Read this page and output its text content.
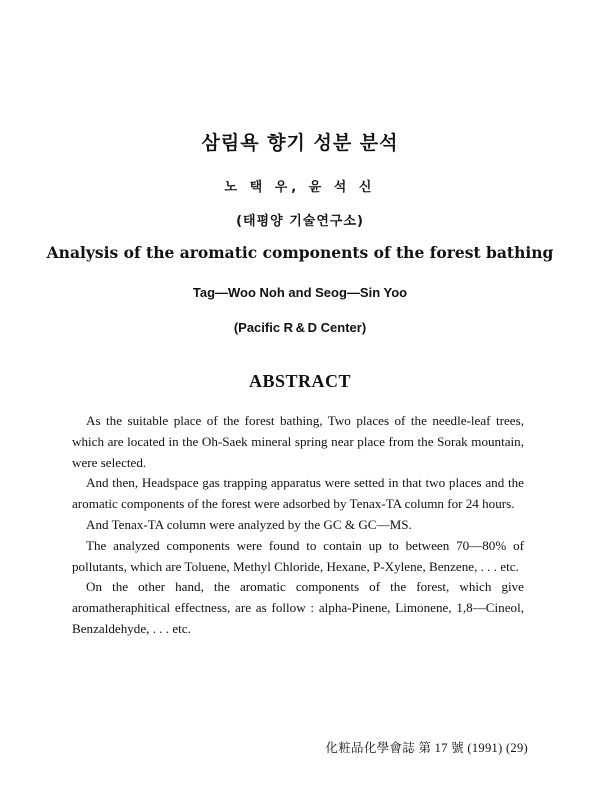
삼림욕 향기 성분 분석
노 택 우, 윤 석 신
(태평양 기술연구소)
Analysis of the aromatic components of the forest bathing
Tag—Woo Noh and Seog—Sin Yoo
(Pacific R & D Center)
ABSTRACT

As the suitable place of the forest bathing, Two places of the needle-leaf trees, which are located in the Oh-Saek mineral spring near place from the Sorak mountain, were selected.

And then, Headspace gas trapping apparatus were setted in that two places and the aromatic components of the forest were adsorbed by Tenax-TA column for 24 hours.

And Tenax-TA column were analyzed by the GC & GC—MS.

The analyzed components were found to contain up to between 70—80% of pollutants, which are Toluene, Methyl Chloride, Hexane, P-Xylene, Benzene, . . . etc.

On the other hand, the aromatic components of the forest, which give aromatheraphitical effectness, are as follow : alpha-Pinene, Limonene, 1,8—Cineol, Benzaldehyde, . . . etc.

化粧品化學會誌 第 17 號 (1991) (29)
